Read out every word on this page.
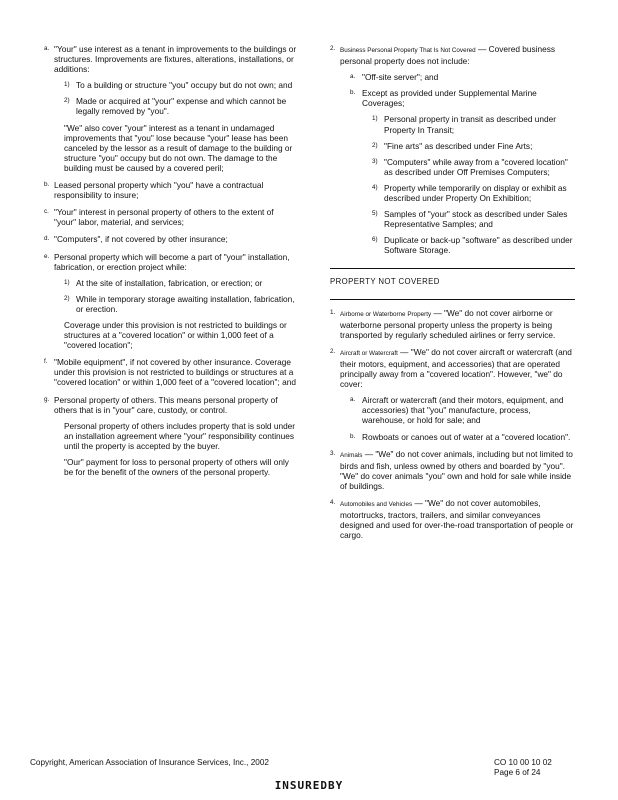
a. "Your" use interest as a tenant in improvements to the buildings or structures. Improvements are fixtures, alterations, installations, or additions:
1) To a building or structure "you" occupy but do not own; and
2) Made or acquired at "your" expense and which cannot be legally removed by "you".
"We" also cover "your" interest as a tenant in undamaged improvements that "you" lose because "your" lease has been canceled by the lessor as a result of damage to the building or structure "you" occupy but do not own. The damage to the building must be caused by a covered peril;
b. Leased personal property which "you" have a contractual responsibility to insure;
c. "Your" interest in personal property of others to the extent of "your" labor, material, and services;
d. "Computers", if not covered by other insurance;
e. Personal property which will become a part of "your" installation, fabrication, or erection project while:
1) At the site of installation, fabrication, or erection; or
2) While in temporary storage awaiting installation, fabrication, or erection.
Coverage under this provision is not restricted to buildings or structures at a "covered location" or within 1,000 feet of a "covered location";
f. "Mobile equipment", if not covered by other insurance. Coverage under this provision is not restricted to buildings or structures at a "covered location" or within 1,000 feet of a "covered location"; and
g. Personal property of others. This means personal property of others that is in "your" care, custody, or control.
Personal property of others includes property that is sold under an installation agreement where "your" responsibility continues until the property is accepted by the buyer.
"Our" payment for loss to personal property of others will only be for the benefit of the owners of the personal property.
2. Business Personal Property That Is Not Covered — Covered business personal property does not include:
a. "Off-site server"; and
b. Except as provided under Supplemental Marine Coverages;
1) Personal property in transit as described under Property In Transit;
2) "Fine arts" as described under Fine Arts;
3) "Computers" while away from a "covered location" as described under Off Premises Computers;
4) Property while temporarily on display or exhibit as described under Property On Exhibition;
5) Samples of "your" stock as described under Sales Representative Samples; and
6) Duplicate or back-up "software" as described under Software Storage.
PROPERTY NOT COVERED
1. Airborne or Waterborne Property — "We" do not cover airborne or waterborne personal property unless the property is being transported by regularly scheduled airlines or ferry service.
2. Aircraft or Watercraft — "We" do not cover aircraft or watercraft (and their motors, equipment, and accessories) that are operated principally away from a "covered location". However, "we" do cover:
a. Aircraft or watercraft (and their motors, equipment, and accessories) that "you" manufacture, process, warehouse, or hold for sale; and
b. Rowboats or canoes out of water at a "covered location".
3. Animals — "We" do not cover animals, including but not limited to birds and fish, unless owned by others and boarded by "you". "We" do cover animals "you" own and hold for sale while inside of buildings.
4. Automobiles and Vehicles — "We" do not cover automobiles, motortrucks, tractors, trailers, and similar conveyances designed and used for over-the-road transportation of people or cargo.
Copyright, American Association of Insurance Services, Inc., 2002	CO 10 00 10 02
Page 6 of 24
INSUREDBY
